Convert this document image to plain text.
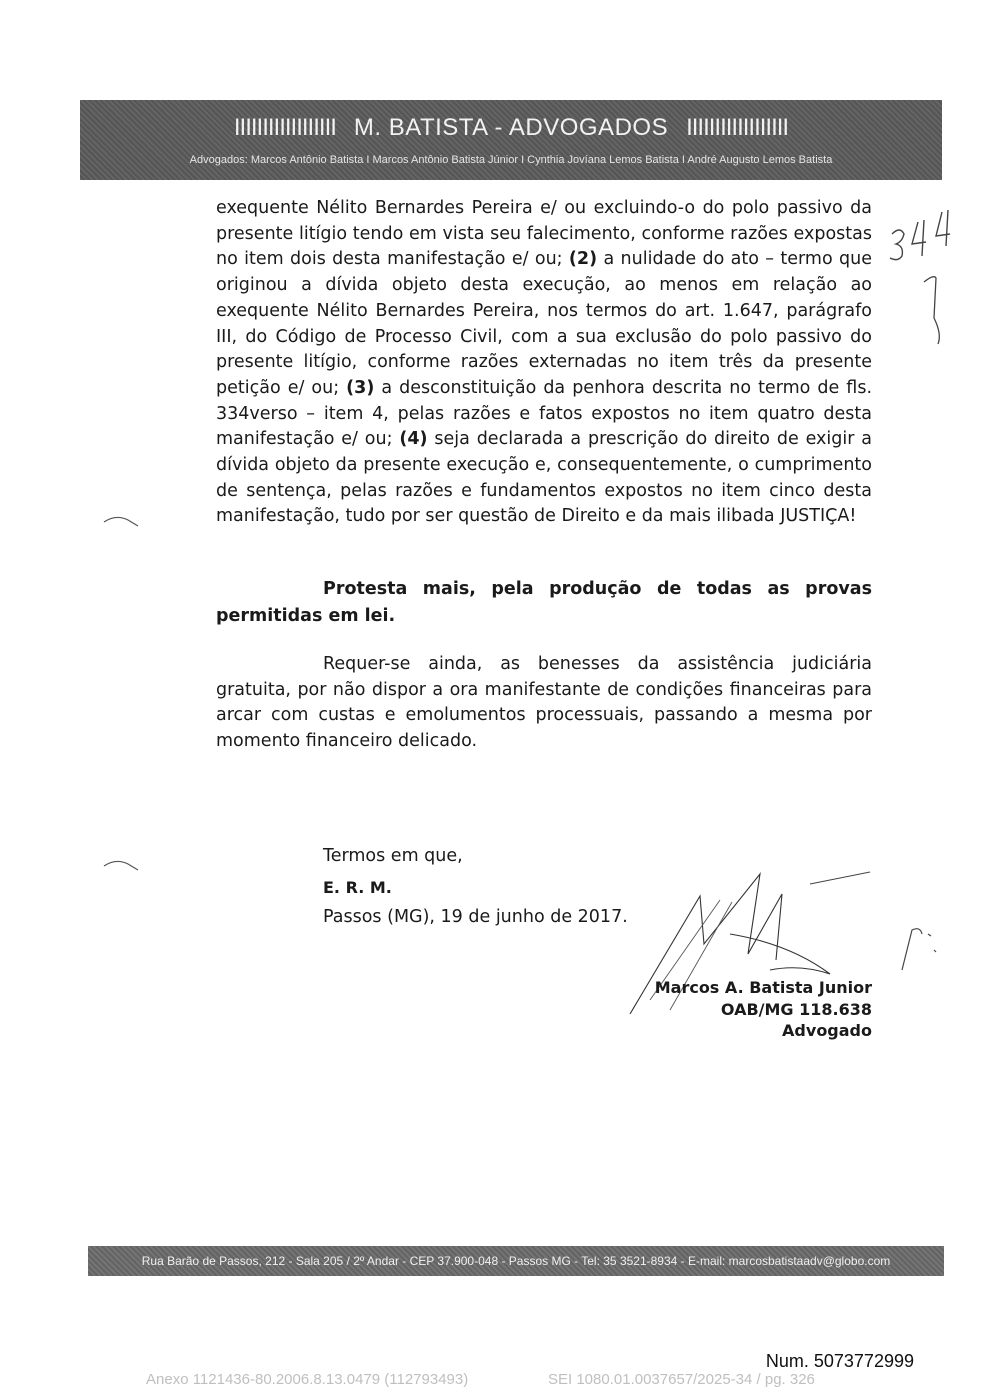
IIIIIIIIIIIIIIIIII M. BATISTA - ADVOGADOS IIIIIIIIIIIIIIIIII
Advogados: Marcos Antônio Batista I Marcos Antônio Batista Júnior I Cynthia Jovíana Lemos Batista I André Augusto Lemos Batista

exequente Nélito Bernardes Pereira e/ ou excluindo-o do polo passivo da presente litígio tendo em vista seu falecimento, conforme razões expostas no item dois desta manifestação e/ ou; (2) a nulidade do ato – termo que originou a dívida objeto desta execução, ao menos em relação ao exequente Nélito Bernardes Pereira, nos termos do art. 1.647, parágrafo III, do Código de Processo Civil, com a sua exclusão do polo passivo do presente litígio, conforme razões externadas no item três da presente petição e/ ou; (3) a desconstituição da penhora descrita no termo de fls. 334verso – item 4, pelas razões e fatos expostos no item quatro desta manifestação e/ ou; (4) seja declarada a prescrição do direito de exigir a dívida objeto da presente execução e, consequentemente, o cumprimento de sentença, pelas razões e fundamentos expostos no item cinco desta manifestação, tudo por ser questão de Direito e da mais ilibada JUSTIÇA!

Protesta mais, pela produção de todas as provas permitidas em lei.

Requer-se ainda, as benesses da assistência judiciária gratuita, por não dispor a ora manifestante de condições financeiras para arcar com custas e emolumentos processuais, passando a mesma por momento financeiro delicado.

Termos em que,

E. R. M.

Passos (MG), 19 de junho de 2017.

Marcos A. Batista Junior

OAB/MG 118.638

Advogado

Rua Barão de Passos, 212 - Sala 205 / 2º Andar - CEP 37.900-048 - Passos MG - Tel: 35 3521-8934 - E-mail: marcosbatistaadv@globo.com
Num. 5073772999
Anexo 1121436-80.2006.8.13.0479 (112793493)	SEI 1080.01.0037657/2025-34 / pg. 326
